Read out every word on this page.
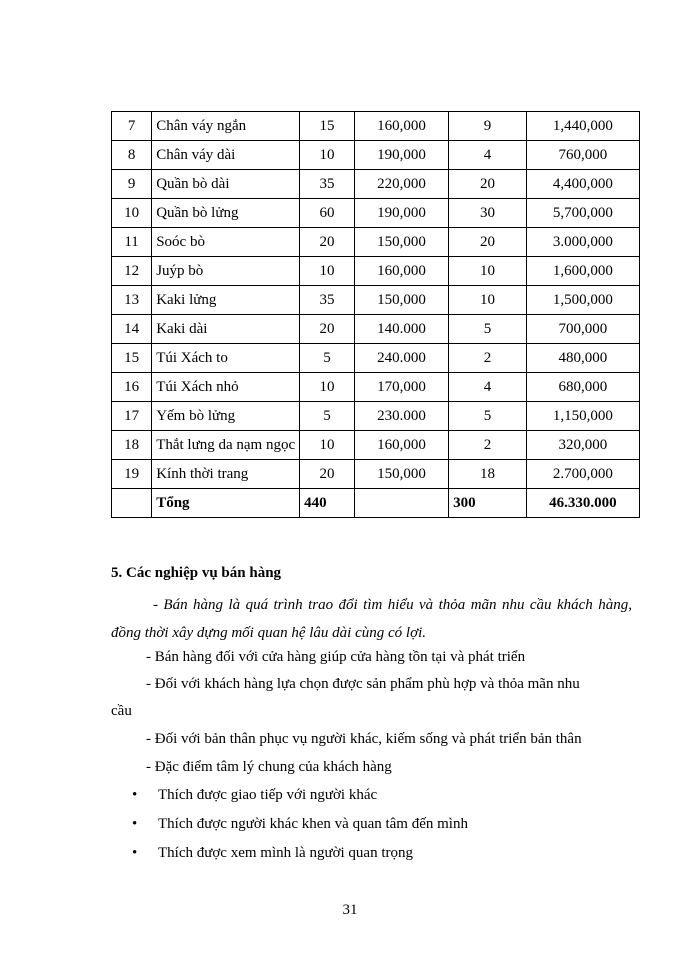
7	Chân váy ngắn	15	160,000	9	1,440,000
8	Chân váy dài	10	190,000	4	760,000
9	Quần bò dài	35	220,000	20	4,400,000
10	Quần bò lửng	60	190,000	30	5,700,000
11	Soóc bò	20	150,000	20	3.000,000
12	Juýp bò	10	160,000	10	1,600,000
13	Kaki lửng	35	150,000	10	1,500,000
14	Kaki dài	20	140.000	5	700,000
15	Túi Xách to	5	240.000	2	480,000
16	Túi Xách nhỏ	10	170,000	4	680,000
17	Yếm bò lửng	5	230.000	5	1,150,000
18	Thắt lưng da nạm ngọc	10	160,000	2	320,000
19	Kính thời trang	20	150,000	18	2.700,000
	Tổng	440		300	46.330.000
5. Các nghiệp vụ bán hàng
- Bán hàng là quá trình trao đổi tìm hiểu và thỏa mãn nhu cầu khách hàng, đồng thời xây dựng mối quan hệ lâu dài cùng có lợi.
- Bán hàng đối với cửa hàng giúp cửa hàng tồn tại và phát triển
- Đối với khách hàng lựa chọn được sản phẩm phù hợp và thỏa mãn nhu
cầu
- Đối với bản thân phục vụ người khác, kiếm sống và phát triển bản thân
- Đặc điểm tâm lý chung của khách hàng
• Thích được giao tiếp với người khác
• Thích được người khác khen và quan tâm đến mình
• Thích được xem mình là người quan trọng
31
